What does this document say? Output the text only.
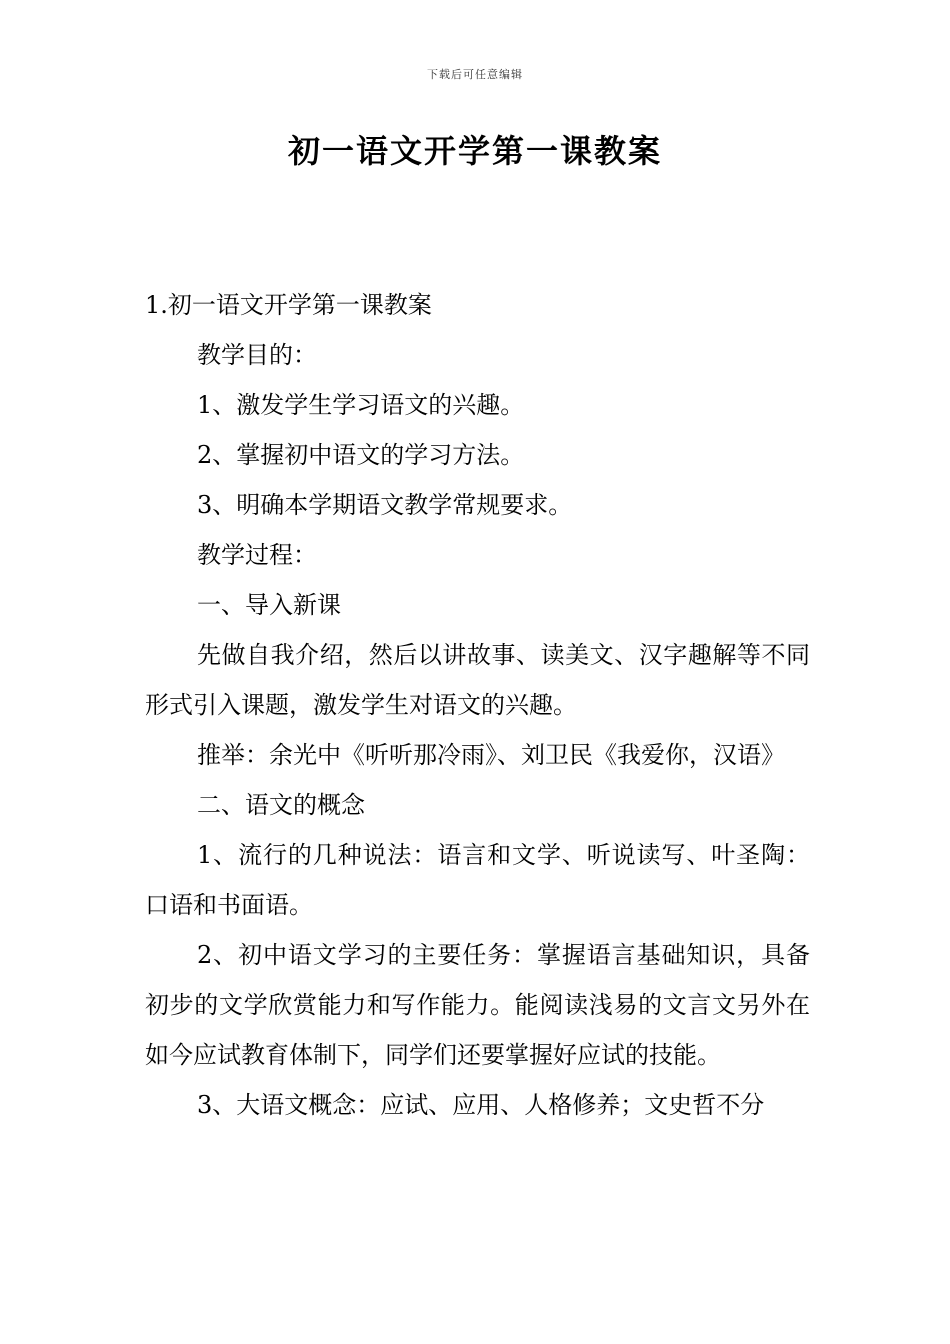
下载后可任意编辑
初一语文开学第一课教案

1.初一语文开学第一课教案

教学目的：

1、激发学生学习语文的兴趣。

2、掌握初中语文的学习方法。

3、明确本学期语文教学常规要求。

教学过程：

一、导入新课

先做自我介绍，然后以讲故事、读美文、汉字趣解等不同形式引入课题，激发学生对语文的兴趣。

推举：余光中《听听那冷雨》、刘卫民《我爱你，汉语》

二、语文的概念

1、流行的几种说法：语言和文学、听说读写、叶圣陶：口语和书面语。

2、初中语文学习的主要任务：掌握语言基础知识，具备初步的文学欣赏能力和写作能力。能阅读浅易的文言文另外在如今应试教育体制下，同学们还要掌握好应试的技能。

3、大语文概念：应试、应用、人格修养；文史哲不分
